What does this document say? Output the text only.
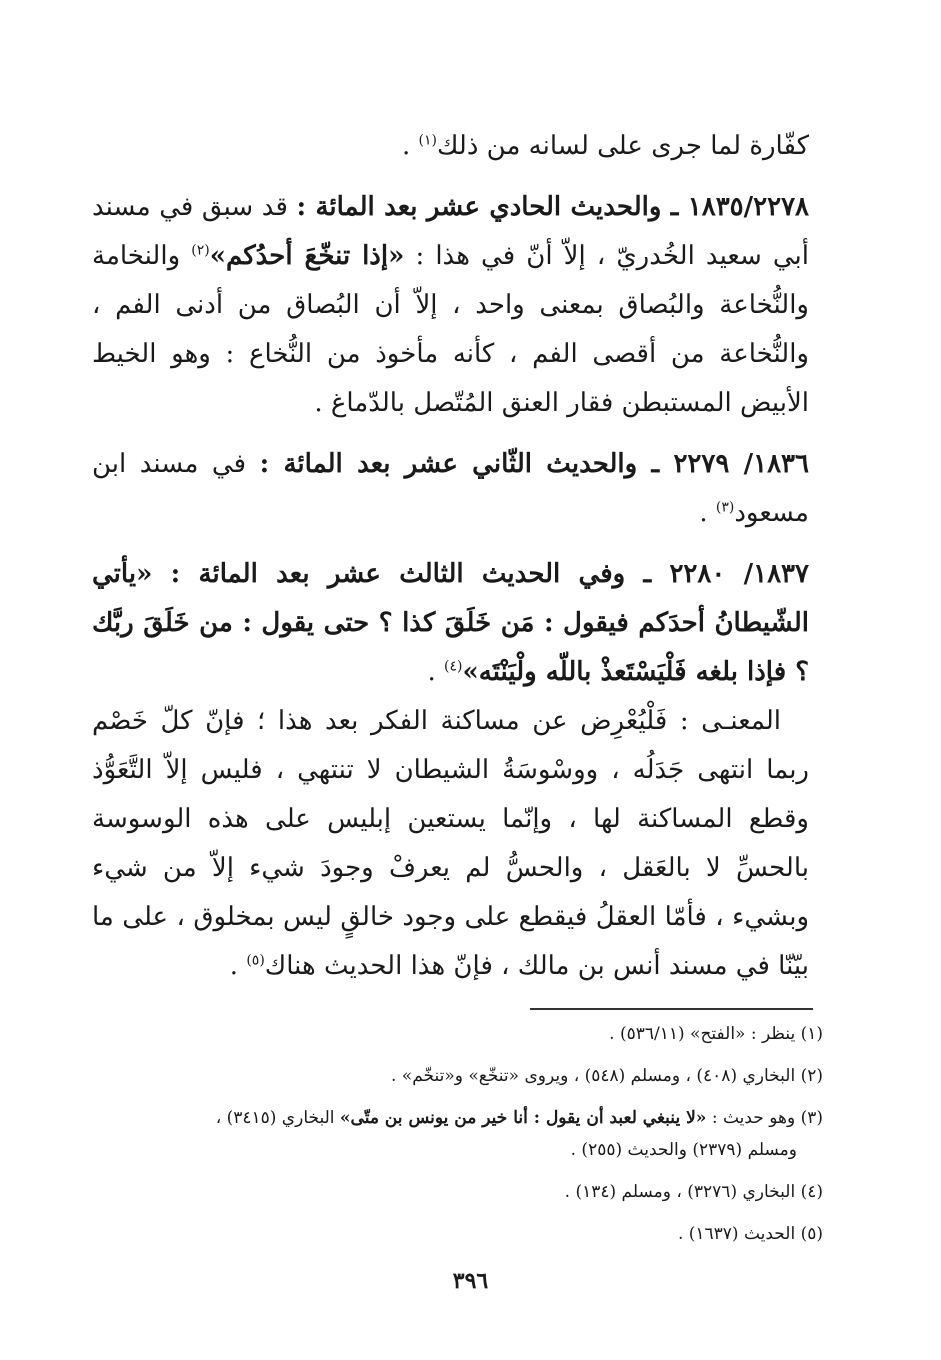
كفّارة لما جرى على لسانه من ذلك$^{(١)}$ .

١٨٣٥/٢٢٧٨ ـ والحديث الحادي عشر بعد المائة : قد سبق في مسند أبي سعيد الخُدريّ ، إلاّ أنّ في هذا : «إذا تنخّعَ أحدُكم»$^{(٢)}$ والنخامة والنُّخاعة والبُصاق بمعنى واحد ، إلاّ أن البُصاق من أدنى الفم ، والنُّخاعة من أقصى الفم ، كأنه مأخوذ من النُّخاع : وهو الخيط الأبيض المستبطن فقار العنق المُتّصل بالدّماغ .

١٨٣٦/ ٢٢٧٩ ـ والحديث الثّاني عشر بعد المائة : في مسند ابن مسعود$^{(٣)}$ .

١٨٣٧/ ٢٢٨٠ ـ وفي الحديث الثالث عشر بعد المائة : «يأتي الشّيطانُ أحدَكم فيقول : مَن خَلَقَ كذا ؟ حتى يقول : من خَلَقَ ربَّك ؟ فإذا بلغه فَلْيَسْتَعذْ باللّه ولْيَنْتَه»$^{(٤)}$ .

المعنـى : فَلْيُعْرِض عن مساكنة الفكر بعد هذا ؛ فإنّ كلّ خَصْم ربما انتهى جَدَلُه ، ووسْوسَةُ الشيطان لا تنتهي ، فليس إلاّ التَّعَوُّذ وقطع المساكنة لها ، وإنّما يستعين إبليس على هذه الوسوسة بالحسِّ لا بالعَقل ، والحسُّ لم يعرفْ وجودَ شيء إلاّ من شيء وبشيء ، فأمّا العقلُ فيقطع على وجود خالقٍ ليس بمخلوق ، على ما بيّنّا في مسند أنس بن مالك ، فإنّ هذا الحديث هناك$^{(٥)}$ .

(١) ينظر : «الفتح» (٥٣٦/١١) .

(٢) البخاري (٤٠٨) ، ومسلم (٥٤٨) ، ويروى «تنخّع» و«تنخّم» .

(٣) وهو حديث : «لا ينبغي لعبد أن يقول : أنا خير من يونس بن متّى» البخاري (٣٤١٥) ،
ومسلم (٢٣٧٩) والحديث (٢٥٥) .

(٤) البخاري (٣٢٧٦) ، ومسلم (١٣٤) .

(٥) الحديث (١٦٣٧) .

٣٩٦
